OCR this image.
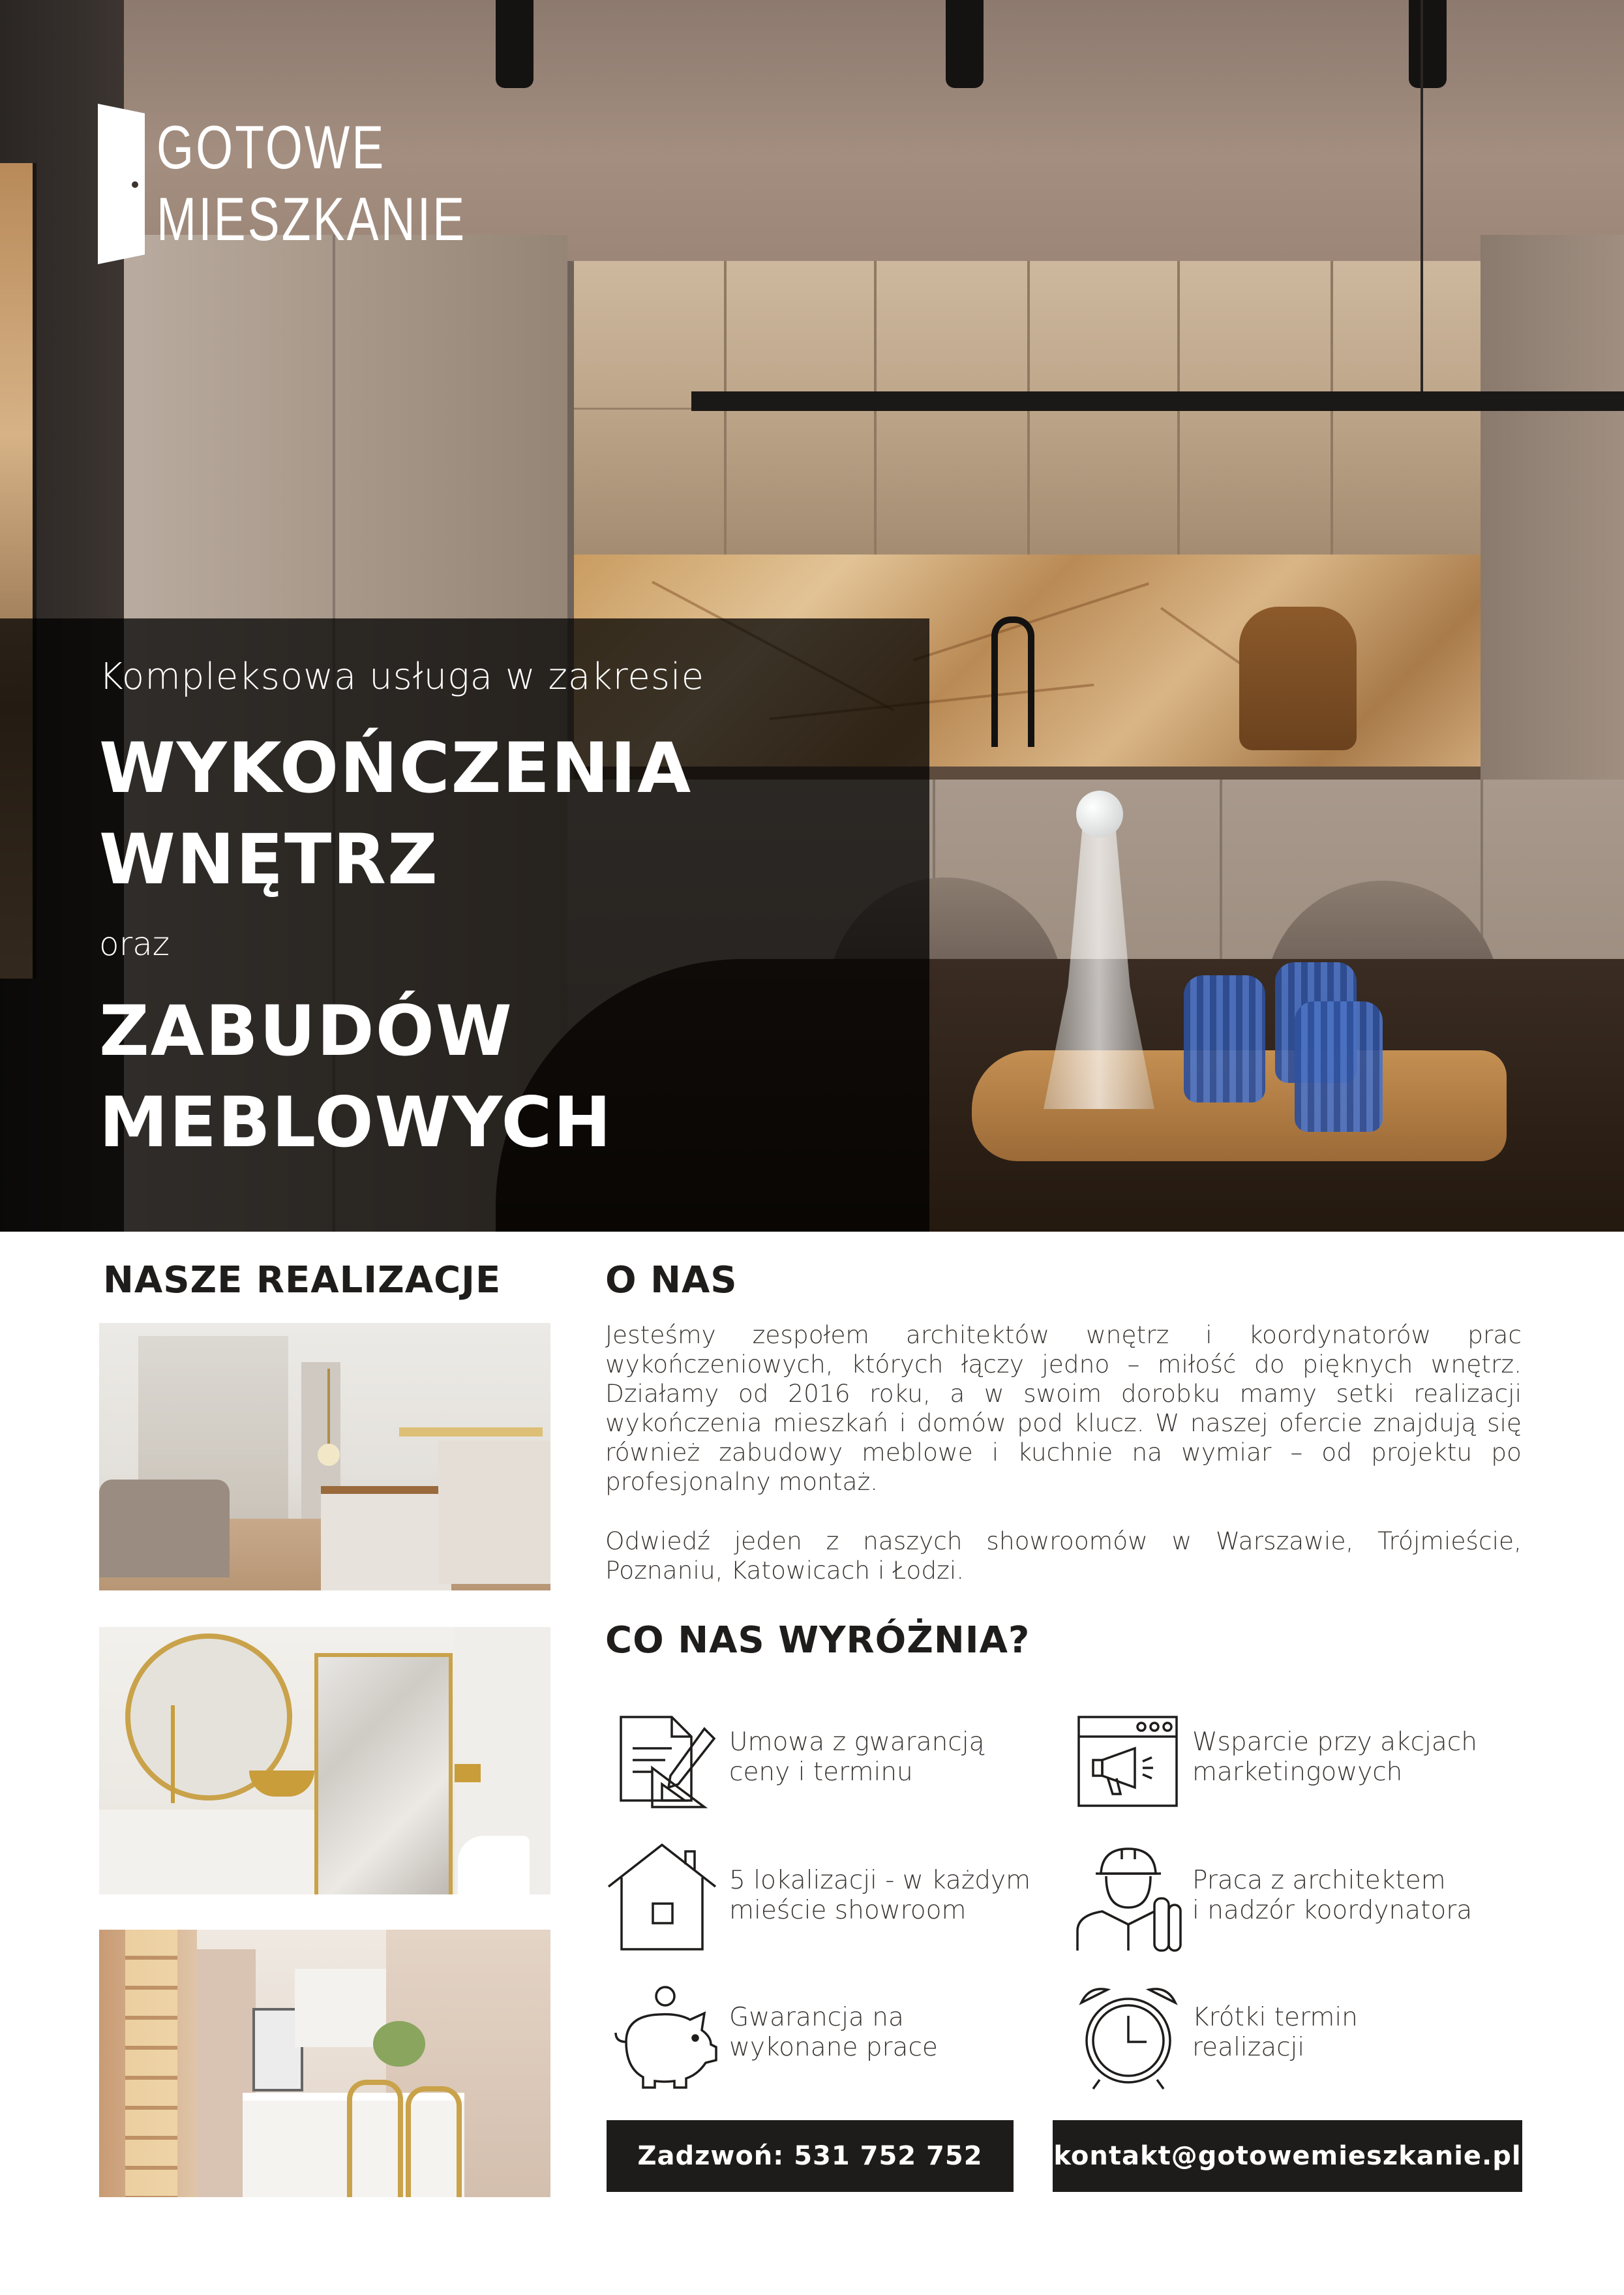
GOTOWE
MIESZKANIE
Kompleksowa usługa w zakresie
WYKOŃCZENIA
WNĘTRZ
oraz
ZABUDÓW
MEBLOWYCH
NASZE REALIZACJE	O NAS
Jesteśmy zespołem architektów wnętrz i koordynatorów prac wykończeniowych, których łączy jedno – miłość do pięknych wnętrz. Działamy od 2016 roku, a w swoim dorobku mamy setki realizacji wykończenia mieszkań i domów pod klucz. W naszej ofercie znajdują się również zabudowy meblowe i kuchnie na wymiar – od projektu po profesjonalny montaż.
Odwiedź jeden z naszych showroomów w Warszawie, Trójmieście, Poznaniu, Katowicach i Łodzi.
CO NAS WYRÓŻNIA?
Umowa z gwarancją
ceny i terminu
Wsparcie przy akcjach
marketingowych
5 lokalizacji - w każdym
mieście showroom
Praca z architektem
i nadzór koordynatora
Gwarancja na
wykonane prace
Krótki termin
realizacji
Zadzwoń: 531 752 752	kontakt@gotowemieszkanie.pl
